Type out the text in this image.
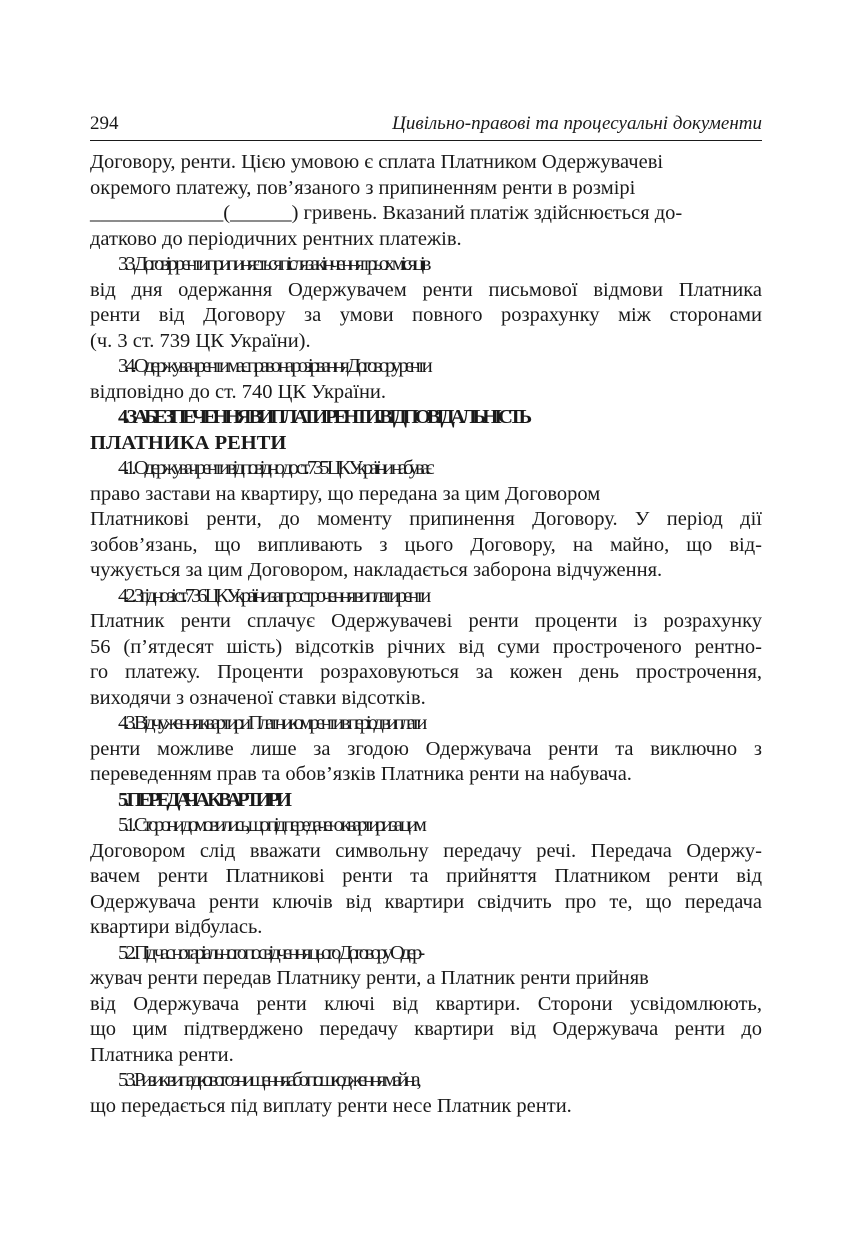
294	Цивільно-правові та процесуальні документи
Договору, ренти. Цією умовою є сплата Платником Одержувачеві
окремого платежу, пов’язаного з припиненням ренти в розмірі
_____________(______) гривень. Вказаний платіж здійснюється до-
датково до періодичних рентних платежів.
3.3. Договір ренти припиняється після закінчення трьох місяців
від дня одержання Одержувачем ренти письмової відмови Платника
ренти від Договору за умови повного розрахунку між сторонами
(ч. 3 ст. 739 ЦК України).
3.4. Одержувач ренти має право на розірвання Договору ренти
відповідно до ст. 740 ЦК України.
4. ЗАБЕЗПЕЧЕННЯ ВИПЛАТИ РЕНТИ. ВІДПОВІДАЛЬНІСТЬ
ПЛАТНИКА РЕНТИ
4.1. Одержувач ренти відповідно до ст. 735 ЦК України набуває
право застави на квартиру, що передана за цим Договором
Платникові ренти, до моменту припинення Договору. У період дії
зобов’язань, що випливають з цього Договору, на майно, що від-
чужується за цим Договором, накладається заборона відчуження.
4.2. Згідно зі ст. 736 ЦК України за прострочення виплати ренти
Платник ренти сплачує Одержувачеві ренти проценти із розрахунку
56 (п’ятдесят шість) відсотків річних від суми простроченого рентно-
го платежу. Проценти розраховуються за кожен день прострочення,
виходячи з означеної ставки відсотків.
4.3. Відчуження квартири Платником ренти в період виплати
ренти можливе лише за згодою Одержувача ренти та виключно з
переведенням прав та обов’язків Платника ренти на набувача.
5. ПЕРЕДАЧА КВАРТИРИ
5.1. Сторони домовились, що під передачею квартири за цим
Договором слід вважати символьну передачу речі. Передача Одержу-
вачем ренти Платникові ренти та прийняття Платником ренти від
Одержувача ренти ключів від квартири свідчить про те, що передача
квартири відбулась.
5.2. Під час нотаріального посвідчення цього Договору Одер-
жувач ренти передав Платнику ренти, а Платник ренти прийняв
від Одержувача ренти ключі від квартири. Сторони усвідомлюють,
що цим підтверджено передачу квартири від Одержувача ренти до
Платника ренти.
5.3. Ризик випадкового знищення або пошкодження майна,
що передається під виплату ренти несе Платник ренти.
